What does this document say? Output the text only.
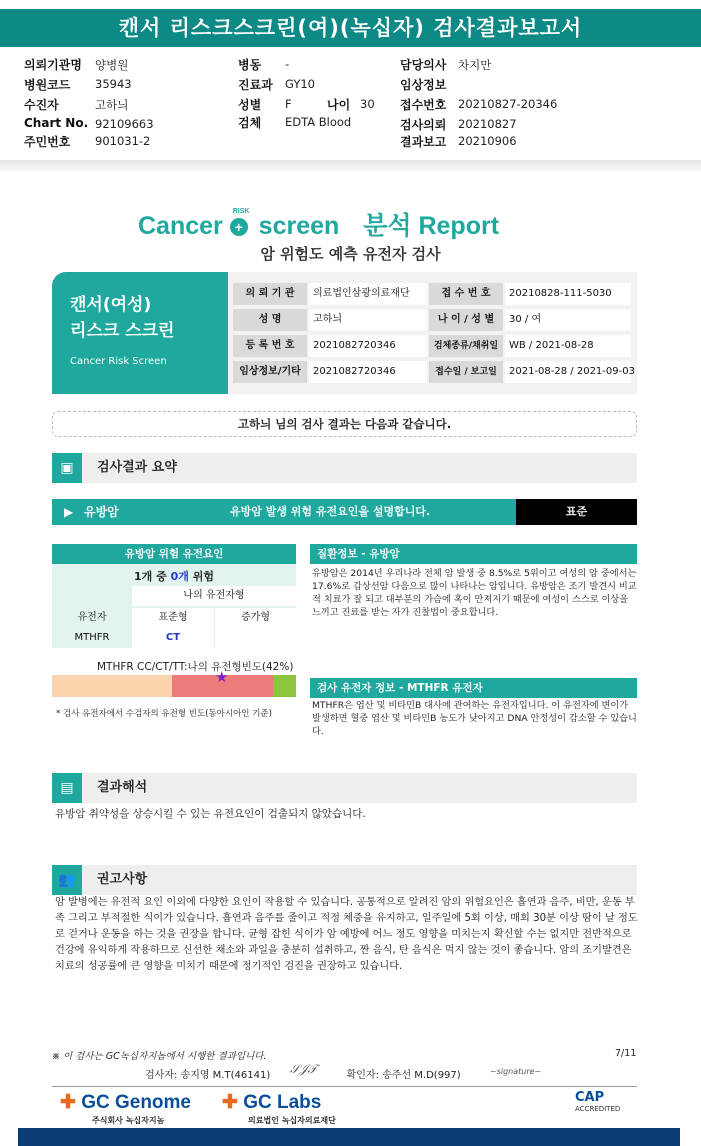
캔서 리스크스크린(여)(녹십자) 검사결과보고서
의뢰기관명 양병원	병동 -	담당의사 차지만
병원코드 35943	진료과 GY10	임상정보
수진자	고하늬	성별 F	나이 30 접수번호 20210827-20346
Chart No. 92109663	검체 EDTA Blood	검사의뢰 20210827
주민번호 901031-2	결과보고 20210906
Cancer
RISK
+ screen 분석 Report
암 위험도 예측 유전자 검사
캔서(여성)
리스크 스크린
Cancer Risk Screen
의 뢰 기 관	의료법인삼광의료재단	접 수 번 호	20210828-111-5030
성 명	고하늬	나 이 / 성 별	30 / 여
등 록 번 호	2021082720346	검체종류/채취일	WB / 2021-08-28
임상정보/기타	2021082720346	접수일 / 보고일	2021-08-28 / 2021-09-03
고하늬 님의 검사 결과는 다음과 같습니다.
▣	검사결과 요약
▶ 유방암	유방암 발생 위험 유전요인을 설명합니다.	표준
유방암 위험 유전요인
1개 중 0개 위험
나의 유전자형
유전자	표준형	증가형
MTHFR	CT
MTHFR CC/CT/TT:나의 유전형빈도(42%)
★
* 검사 유전자에서 수검자의 유전형 빈도(동아시아인 기준)
질환정보 - 유방암
유방암은 2014년 우리나라 전체 암 발생 중 8.5%로 5위이고 여성의 암 중에서는 17.6%로 갑상선암 다음으로 많이 나타나는 암입니다. 유방암은 조기 발견시 비교적 치료가 잘 되고 대부분의 가슴에 혹이 만져지기 때문에 여성이 스스로 이상을 느끼고 진료를 받는 자가 진찰법이 중요합니다.
검사 유전자 정보 - MTHFR 유전자
MTHFR은 엽산 및 비타민B 대사에 관여하는 유전자입니다. 이 유전자에 변이가 발생하면 혈중 엽산 및 비타민B 농도가 낮아지고 DNA 안정성이 감소할 수 있습니다.
▤	결과해석
유방암 취약성을 상승시킬 수 있는 유전요인이 검출되지 않았습니다.
👥	권고사항
암 발병에는 유전적 요인 이외에 다양한 요인이 작용할 수 있습니다. 공통적으로 알려진 암의 위험요인은 흡연과 음주, 비만, 운동 부족 그리고 부적절한 식이가 있습니다. 흡연과 음주를 줄이고 적정 체중을 유지하고, 일주일에 5회 이상, 매회 30분 이상 땀이 날 정도로 걷거나 운동을 하는 것을 권장을 합니다. 균형 잡힌 식이가 암 예방에 어느 정도 영향을 미치는지 확신할 수는 없지만 전반적으로 건강에 유익하게 작용하므로 신선한 채소와 과일을 충분히 섭취하고, 짠 음식, 탄 음식은 먹지 않는 것이 좋습니다. 암의 조기발견은 치료의 성공률에 큰 영향을 미치기 때문에 정기적인 검진을 권장하고 있습니다.
※ 이 검사는 GC녹십자지놈에서 시행한 결과입니다.	7/11
검사자: 송지영 M.T(46141)	확인자: 송주선 M.D(997)
𝒮𝒥𝒯	~signature~
✚ GC Genome
주식회사 녹십자지놈
✚ GC Labs
의료법인 녹십자의료재단
CAP
ACCREDITED
